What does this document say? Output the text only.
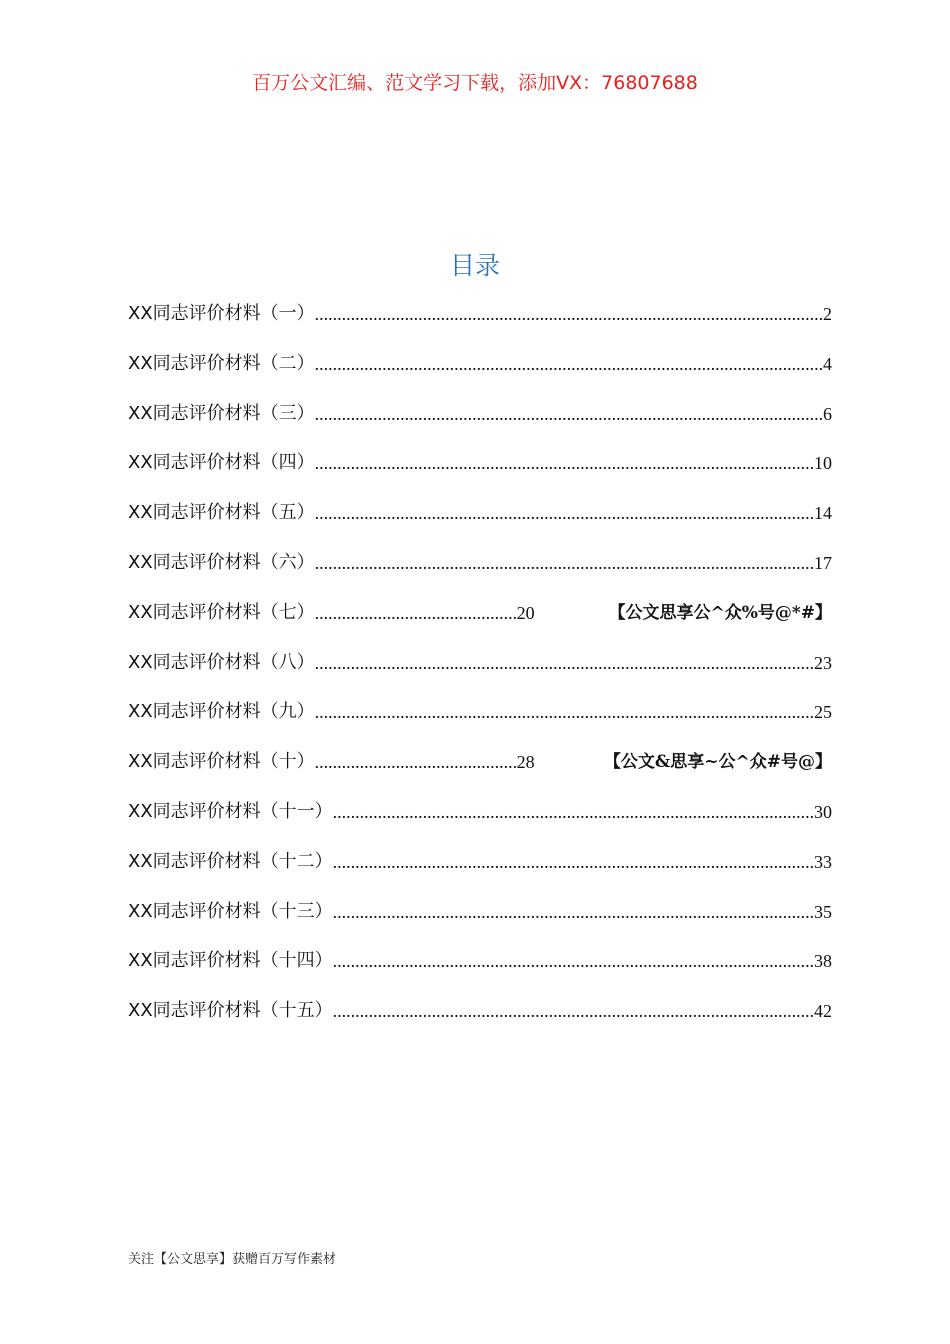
百万公文汇编、范文学习下载，添加VX：76807688
目录
XX同志评价材料（一） .....	2
XX同志评价材料（二） .....	4
XX同志评价材料（三） .....	6
XX同志评价材料（四） .....	10
XX同志评价材料（五） .....	14
XX同志评价材料（六） .....	17
XX同志评价材料（七） .....	20	【公文思享公^众%号@*#】
XX同志评价材料（八） .....	23
XX同志评价材料（九） .....	25
XX同志评价材料（十） .....	28	【公文&思享~公^众#号@】
XX同志评价材料（十一） .....	30
XX同志评价材料（十二） .....	33
XX同志评价材料（十三） .....	35
XX同志评价材料（十四） .....	38
XX同志评价材料（十五） .....	42
关注【公文思享】获赠百万写作素材
